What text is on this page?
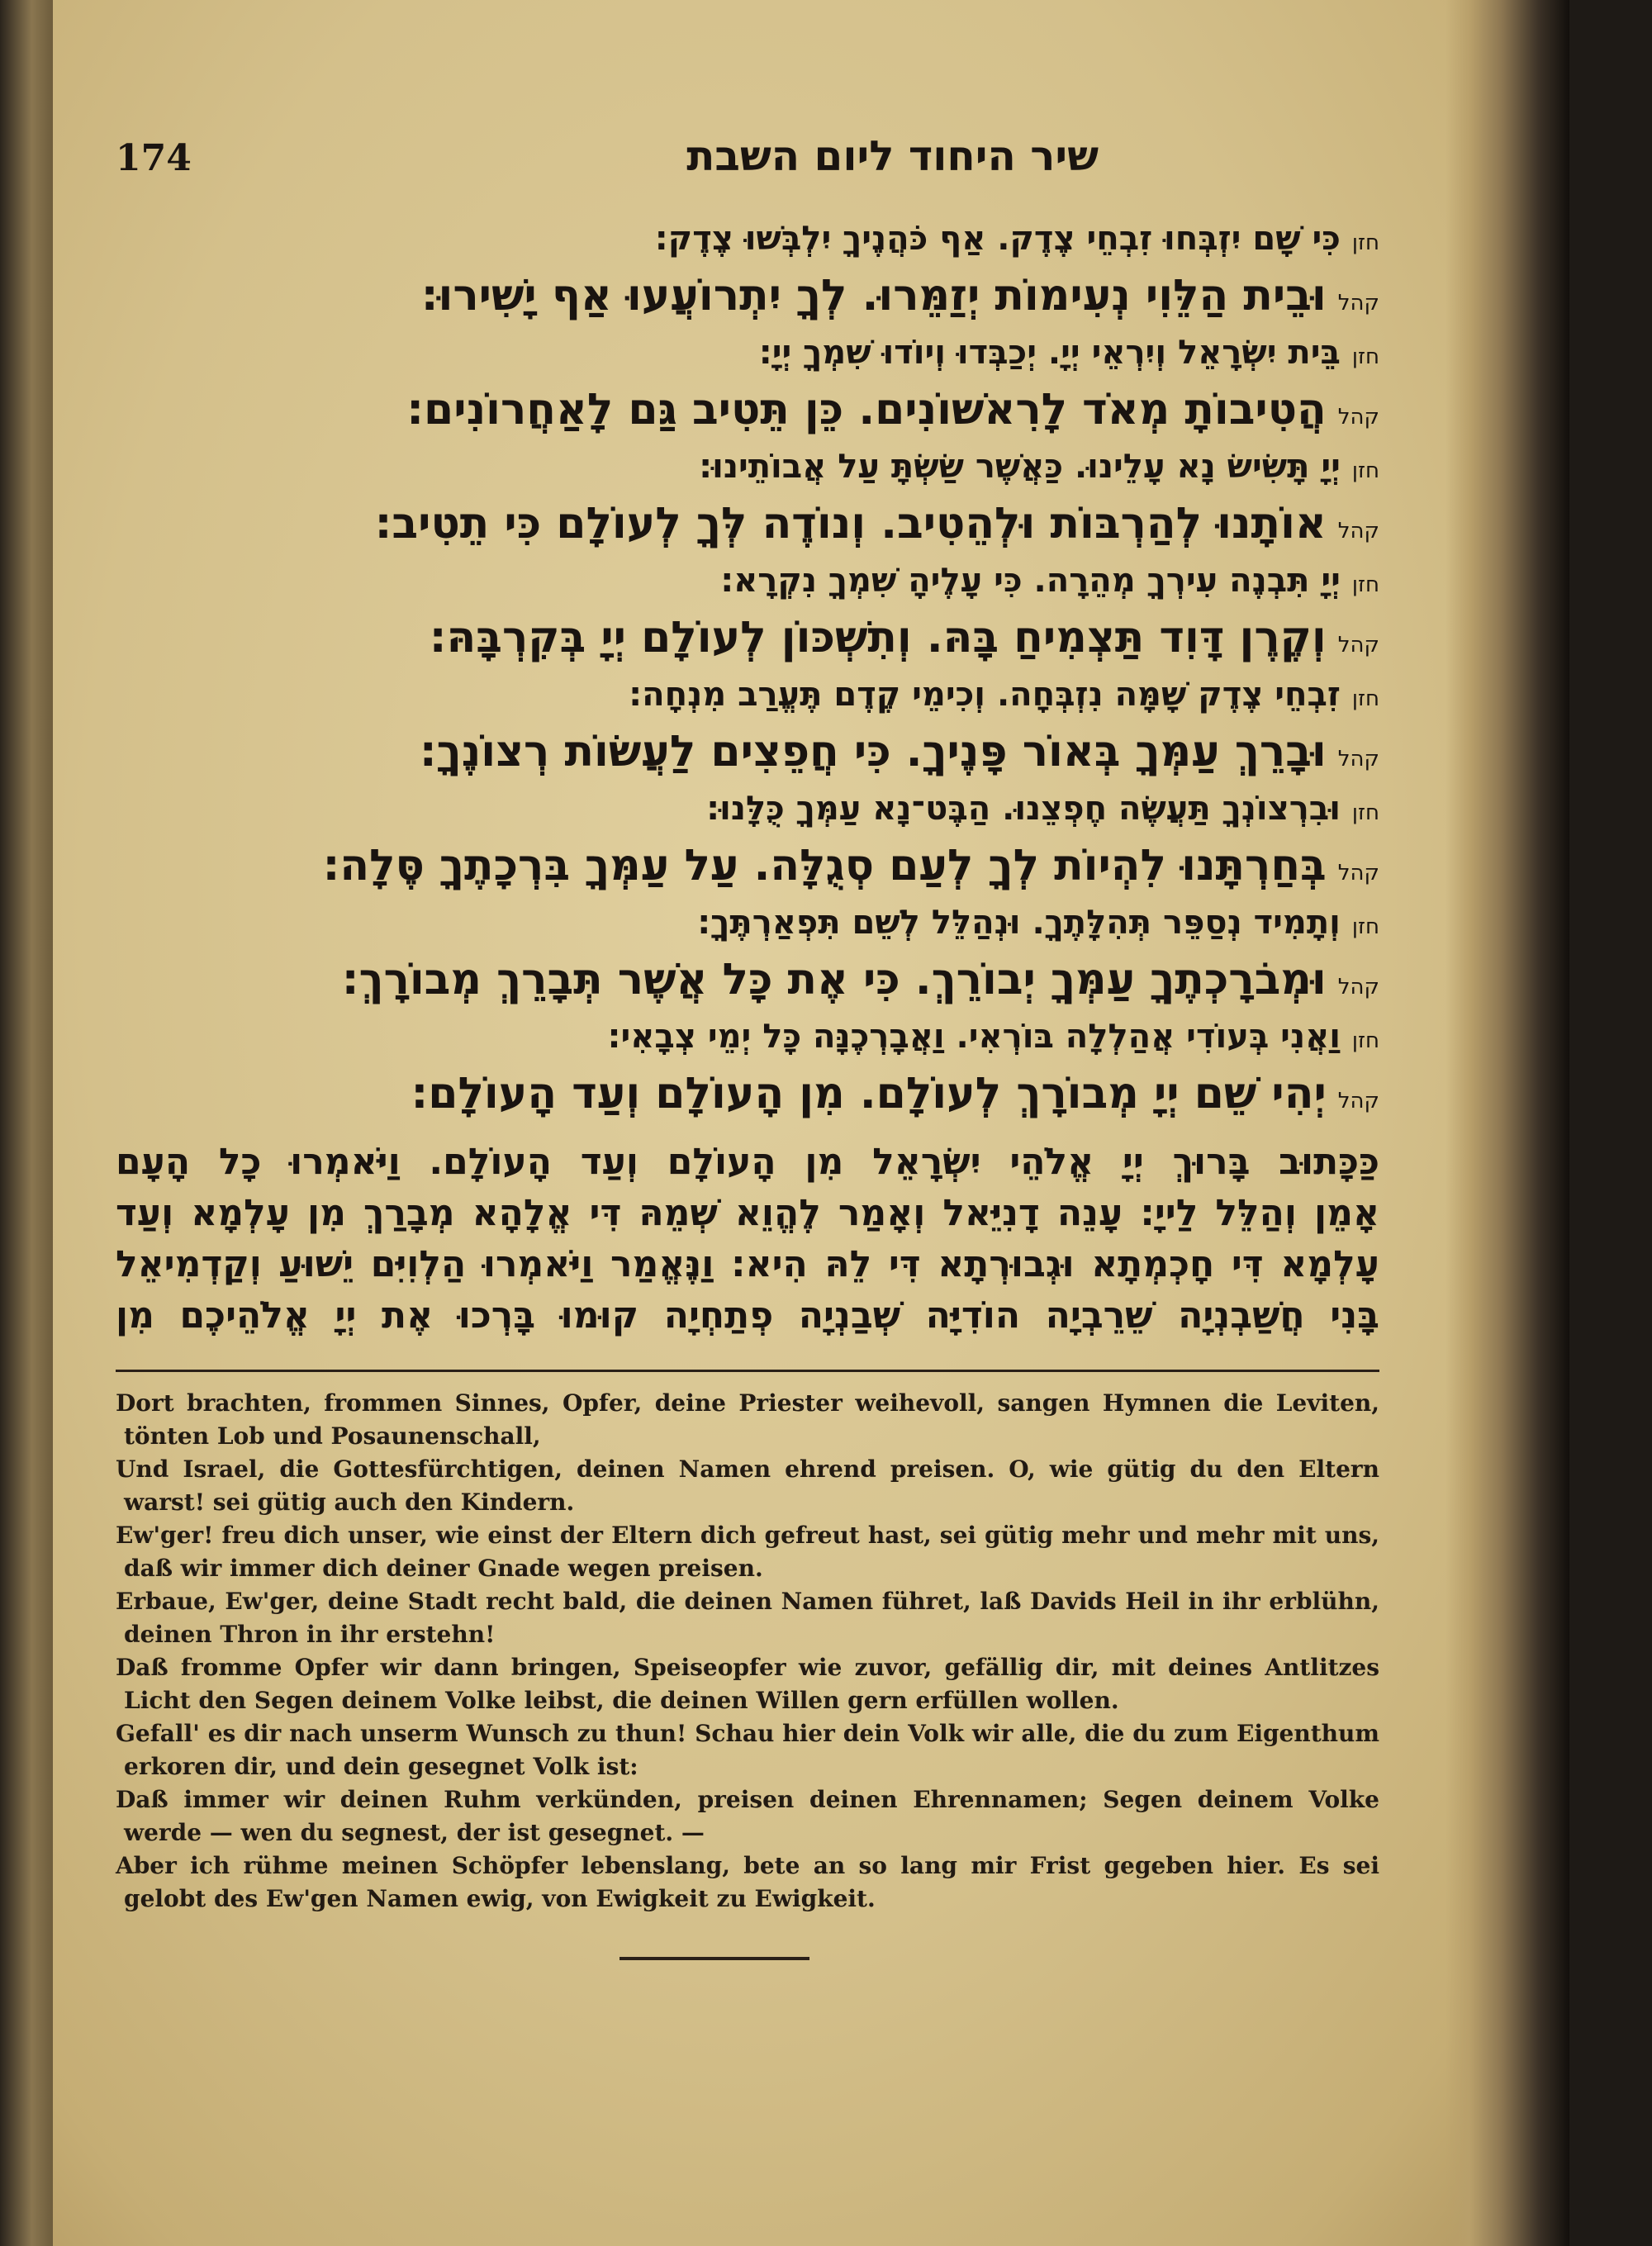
174	שיר היחוד ליום השבת
חזן
כִּי שָׁם יִזְבְּחוּ זִבְחֵי צֶדֶק. אַף כֹּהֲנֶיךָ יִלְבְּשׁוּ צֶדֶק:
קהל
וּבֵית הַלֵּוִי נְעִימוֹת יְזַמֵּרוּ. לְךָ יִתְרוֹעֲעוּ אַף יָשִׁירוּ:
חזן
בֵּית יִשְׂרָאֵל וְיִרְאֵי יְיָ. יְכַבְּדוּ וְיוֹדוּ שִׁמְךָ יְיָ:
קהל
הֲטִיבוֹתָ מְאֹד לָרִאשׁוֹנִים. כֵּן תֵּטִיב גַּם לָאַחֲרוֹנִים:
חזן
יְיָ תָּשִׂישׂ נָא עָלֵינוּ. כַּאֲשֶׁר שַׂשְׂתָּ עַל אֲבוֹתֵינוּ:
קהל
אוֹתָנוּ לְהַרְבּוֹת וּלְהֵטִיב. וְנוֹדֶה לְּךָ לְעוֹלָם כִּי תֵטִיב:
חזן
יְיָ תִּבְנֶה עִירְךָ מְהֵרָה. כִּי עָלֶיהָ שִׁמְךָ נִקְרָא:
קהל
וְקֶרֶן דָּוִד תַּצְמִיחַ בָּהּ. וְתִשְׁכּוֹן לְעוֹלָם יְיָ בְּקִרְבָּהּ:
חזן
זִבְחֵי צֶדֶק שָׁמָּה נִזְבְּחָה. וְכִימֵי קֶדֶם תֶּעֱרַב מִנְחָה:
קהל
וּבָרֵךְ עַמְּךָ בְּאוֹר פָּנֶיךָ. כִּי חֲפֵצִים לַעֲשׂוֹת רְצוֹנֶךָ:
חזן
וּבִרְצוֹנְךָ תַּעֲשֶׂה חֶפְצֵנוּ. הַבֶּט־נָא עַמְּךָ כֻּלָּנוּ:
קהל
בְּחַרְתָּנוּ לִהְיוֹת לְךָ לְעַם סְגֻלָּה. עַל עַמְּךָ בִּרְכָתֶךָ סֶּלָה:
חזן
וְתָמִיד נְסַפֵּר תְּהִלָּתֶךָ. וּנְהַלֵּל לְשֵׁם תִּפְאַרְתֶּךָ:
קהל
וּמְבֹרָכְתֶךָ עַמְּךָ יְבוֹרֵךְ. כִּי אֶת כָּל אֲשֶׁר תְּבָרֵךְ מְבוֹרָךְ:
חזן
וַאֲנִי בְּעוֹדִי אֲהַלְלָה בּוֹרְאִי. וַאֲבָרְכֶנָּה כָּל יְמֵי צְבָאִי:
קהל
יְהִי שֵׁם יְיָ מְבוֹרָךְ לְעוֹלָם. מִן הָעוֹלָם וְעַד הָעוֹלָם:
כַּכָּתוּב בָּרוּךְ יְיָ אֱלֹהֵי יִשְׂרָאֵל מִן הָעוֹלָם וְעַד הָעוֹלָם. וַיֹּאמְרוּ כָל הָעָם
אָמֵן וְהַלֵּל לַייָ: עָנֵה דָנִיֵּאל וְאָמַר לֶהֱוֵא שְׁמֵהּ דִּי אֱלָהָא מְבָרַךְ מִן עָלְמָא וְעַד
עָלְמָא דִּי חָכְמְתָא וּגְבוּרְתָא דִּי לֵהּ הִיא: וַנֶּאֱמַר וַיֹּאמְרוּ הַלְוִיִּם יֵשׁוּעַ וְקַדְמִיאֵל
בָּנִי חֲשַׁבְנְיָה שֵׁרֵבְיָה הוֹדִיָּה שְׁבַנְיָה פְתַחְיָה קוּמוּ בָּרְכוּ אֶת יְיָ אֱלֹהֵיכֶם מִן

Dort brachten, frommen Sinnes, Opfer, deine Priester weihevoll, sangen Hymnen die Leviten, tönten Lob und Posaunenschall,

Und Israel, die Gottesfürchtigen, deinen Namen ehrend preisen. O, wie gütig du den Eltern warst! sei gütig auch den Kindern.

Ew'ger! freu dich unser, wie einst der Eltern dich gefreut hast, sei gütig mehr und mehr mit uns, daß wir immer dich deiner Gnade wegen preisen.

Erbaue, Ew'ger, deine Stadt recht bald, die deinen Namen führet, laß Davids Heil in ihr erblühn, deinen Thron in ihr erstehn!

Daß fromme Opfer wir dann bringen, Speiseopfer wie zuvor, gefällig dir, mit deines Antlitzes Licht den Segen deinem Volke leibst, die deinen Willen gern erfüllen wollen.

Gefall' es dir nach unserm Wunsch zu thun! Schau hier dein Volk wir alle, die du zum Eigenthum erkoren dir, und dein gesegnet Volk ist:

Daß immer wir deinen Ruhm verkünden, preisen deinen Ehrennamen; Segen deinem Volke werde — wen du segnest, der ist gesegnet. —

Aber ich rühme meinen Schöpfer lebenslang, bete an so lang mir Frist gegeben hier. Es sei gelobt des Ew'gen Namen ewig, von Ewigkeit zu Ewigkeit.
